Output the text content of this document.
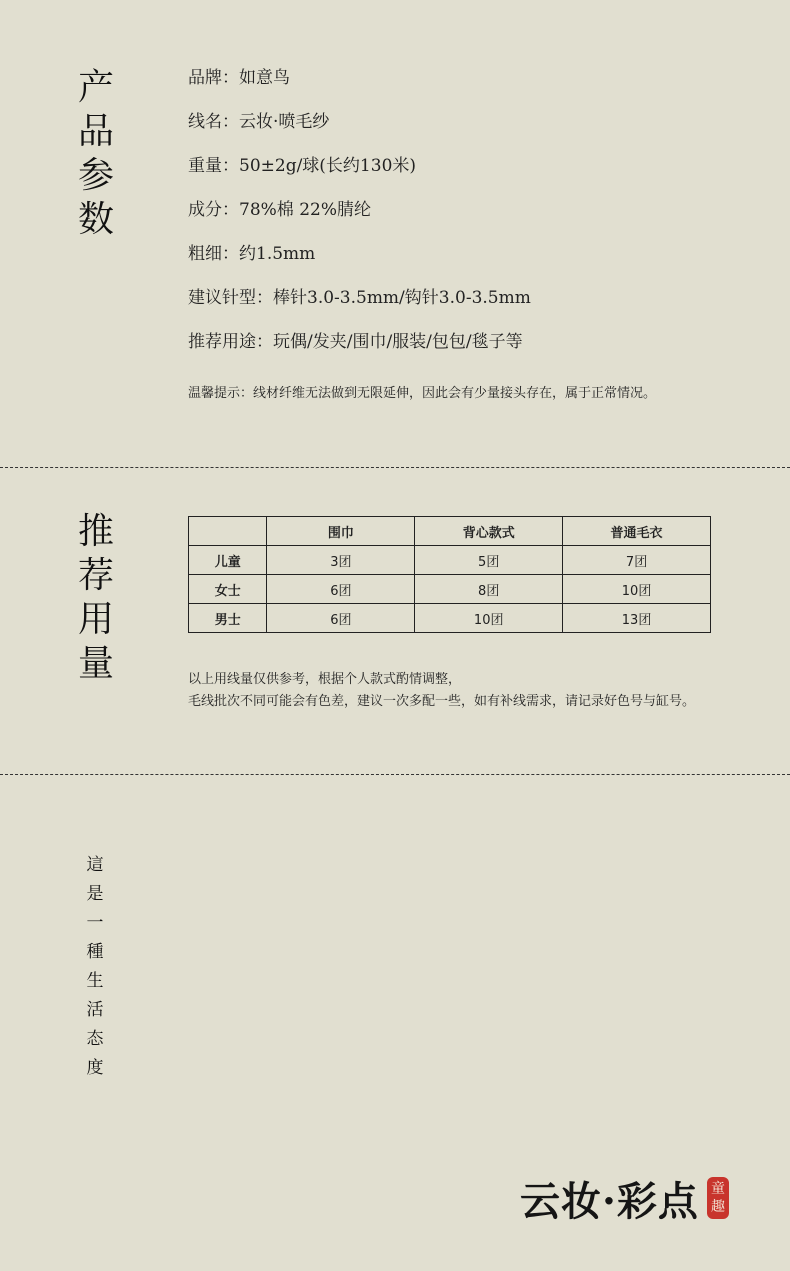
产
品
参
数
品牌：如意鸟
线名：云妆·喷毛纱
重量：50±2g/球(长约130米)
成分：78%棉 22%腈纶
粗细：约1.5mm
建议针型：棒针3.0-3.5mm/钩针3.0-3.5mm
推荐用途：玩偶/发夹/围巾/服装/包包/毯子等
温馨提示：线材纤维无法做到无限延伸，因此会有少量接头存在，属于正常情况。
推
荐
用
量
	围巾	背心款式	普通毛衣
儿童	3团	5团	7团
女士	6团	8团	10团
男士	6团	10团	13团
以上用线量仅供参考，根据个人款式酌情调整，
毛线批次不同可能会有色差，建议一次多配一些，如有补线需求，请记录好色号与缸号。
這
是
一
種
生
活
态
度
云妆·彩点 童
趣
